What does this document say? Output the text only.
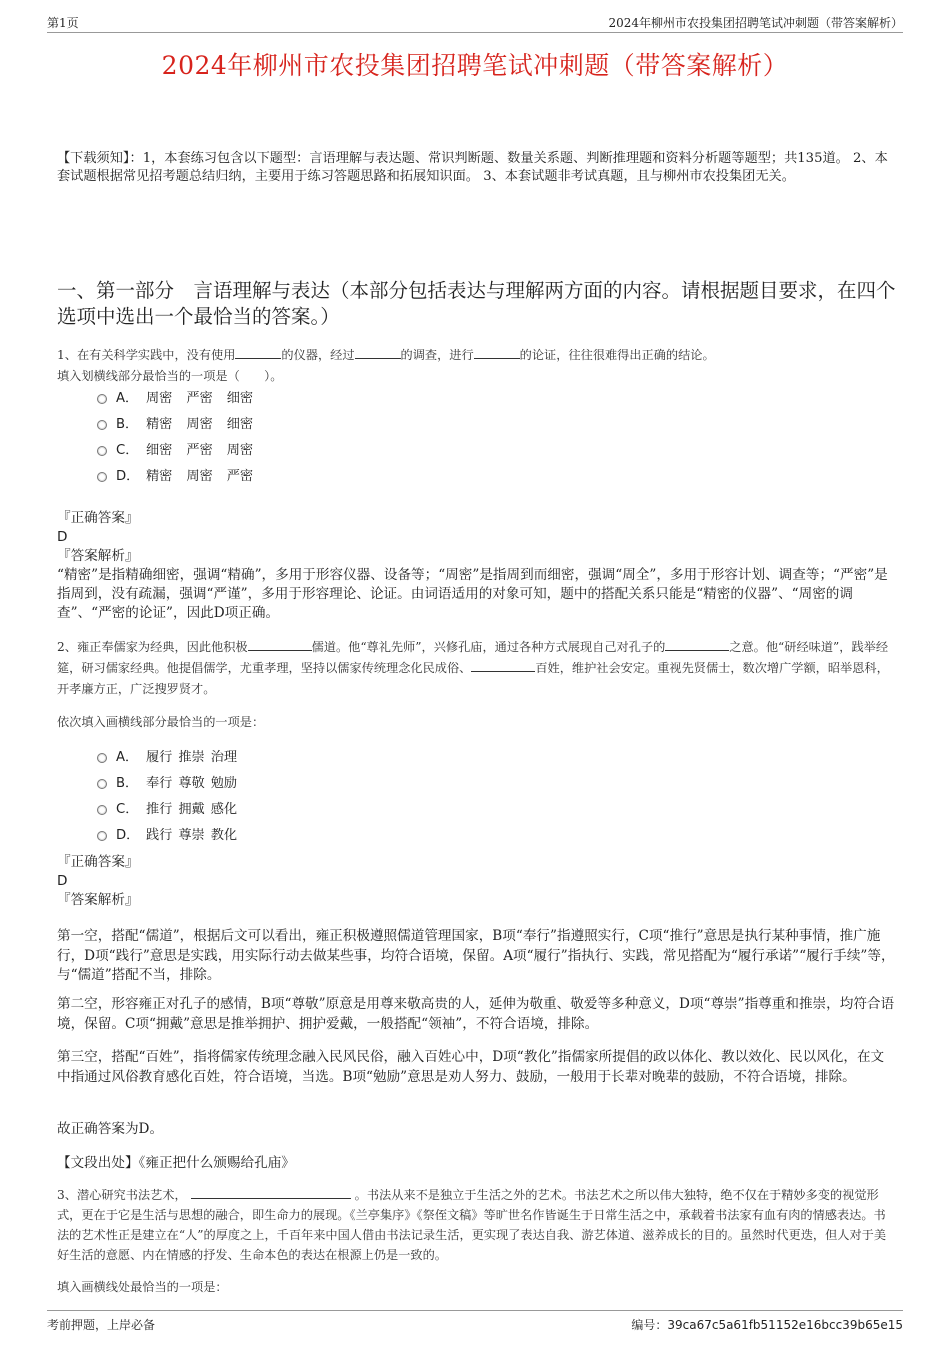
第1页	2024年柳州市农投集团招聘笔试冲刺题（带答案解析）
2024年柳州市农投集团招聘笔试冲刺题（带答案解析）
【下载须知】：1，本套练习包含以下题型：言语理解与表达题、常识判断题、数量关系题、判断推理题和资料分析题等题型；共135道。 2、本套试题根据常见招考题总结归纳，主要用于练习答题思路和拓展知识面。 3、本套试题非考试真题，且与柳州市农投集团无关。
一、第一部分　言语理解与表达（本部分包括表达与理解两方面的内容。请根据题目要求，在四个选项中选出一个最恰当的答案。）
1、在有关科学实践中，没有使用	的仪器，经过	的调查，进行	的论证，往往很难得出正确的结论。
填入划横线部分最恰当的一项是（　　）。
A． 周密 严密 细密
B． 精密 周密 细密
C． 细密 严密 周密
D． 精密 周密 严密
『正确答案』
D
『答案解析』
“精密”是指精确细密，强调“精确”，多用于形容仪器、设备等；“周密”是指周到而细密，强调“周全”，多用于形容计划、调查等；“严密”是指周到，没有疏漏，强调“严谨”，多用于形容理论、论证。由词语适用的对象可知，题中的搭配关系只能是“精密的仪器”、“周密的调查”、“严密的论证”，因此D项正确。
2、雍正奉儒家为经典，因此他积极	儒道。他“尊礼先师”，兴修孔庙，通过各种方式展现自己对孔子的	之意。他“研经味道”，践举经筵，研习儒家经典。他提倡儒学，尤重孝理，坚持以儒家传统理念化民成俗、	百姓，维护社会安定。重视先贤儒士，数次增广学额，昭举恩科，开孝廉方正，广泛搜罗贤才。
依次填入画横线部分最恰当的一项是：
A． 履行 推崇 治理
B． 奉行 尊敬 勉励
C． 推行 拥戴 感化
D． 践行 尊崇 教化
『正确答案』
D
『答案解析』
第一空，搭配“儒道”，根据后文可以看出，雍正积极遵照儒道管理国家，B项“奉行”指遵照实行，C项“推行”意思是执行某种事情，推广施行，D项“践行”意思是实践，用实际行动去做某些事，均符合语境，保留。A项“履行”指执行、实践，常见搭配为“履行承诺”“履行手续”等，与“儒道”搭配不当，排除。
第二空，形容雍正对孔子的感情，B项“尊敬”原意是用尊来敬高贵的人，延伸为敬重、敬爱等多种意义，D项“尊崇”指尊重和推崇，均符合语境，保留。C项“拥戴”意思是推举拥护、拥护爱戴，一般搭配“领袖”，不符合语境，排除。
第三空，搭配“百姓”，指将儒家传统理念融入民风民俗，融入百姓心中，D项“教化”指儒家所提倡的政以体化、教以效化、民以风化，在文中指通过风俗教育感化百姓，符合语境，当选。B项“勉励”意思是劝人努力、鼓励，一般用于长辈对晚辈的鼓励，不符合语境，排除。
故正确答案为D。
【文段出处】《雍正把什么颁赐给孔庙》
3、潜心研究书法艺术，	。书法从来不是独立于生活之外的艺术。书法艺术之所以伟大独特，绝不仅在于精妙多变的视觉形式，更在于它是生活与思想的融合，即生命力的展现。《兰亭集序》《祭侄文稿》等旷世名作皆诞生于日常生活之中，承载着书法家有血有肉的情感表达。书法的艺术性正是建立在“人”的厚度之上，千百年来中国人借由书法记录生活，更实现了表达自我、游艺体道、滋养成长的目的。虽然时代更迭，但人对于美好生活的意愿、内在情感的抒发、生命本色的表达在根源上仍是一致的。
填入画横线处最恰当的一项是：
考前押题，上岸必备	编号：39ca67c5a61fb51152e16bcc39b65e15
